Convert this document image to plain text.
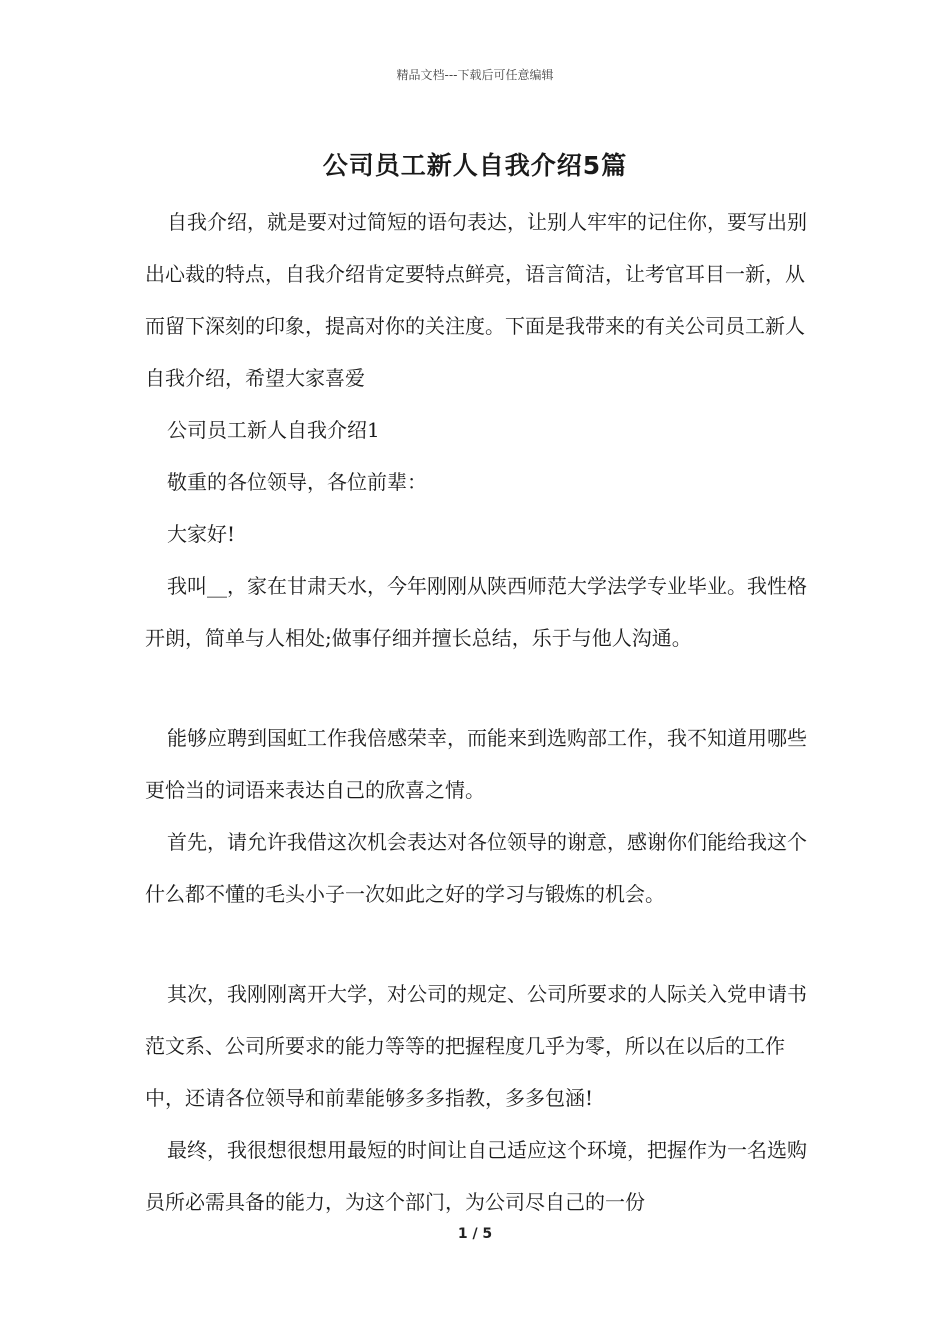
精品文档---下载后可任意编辑
公司员工新人自我介绍5篇

自我介绍，就是要对过简短的语句表达，让别人牢牢的记住你，要写出别出心裁的特点，自我介绍肯定要特点鲜亮，语言简洁，让考官耳目一新，从而留下深刻的印象，提高对你的关注度。下面是我带来的有关公司员工新人自我介绍，希望大家喜爱

公司员工新人自我介绍1

敬重的各位领导，各位前辈：

大家好!

我叫__，家在甘肃天水，今年刚刚从陕西师范大学法学专业毕业。我性格开朗，简单与人相处;做事仔细并擅长总结，乐于与他人沟通。

能够应聘到国虹工作我倍感荣幸，而能来到选购部工作，我不知道用哪些更恰当的词语来表达自己的欣喜之情。

首先，请允许我借这次机会表达对各位领导的谢意，感谢你们能给我这个什么都不懂的毛头小子一次如此之好的学习与锻炼的机会。

其次，我刚刚离开大学，对公司的规定、公司所要求的人际关入党申请书范文系、公司所要求的能力等等的把握程度几乎为零，所以在以后的工作中，还请各位领导和前辈能够多多指教，多多包涵!

最终，我很想很想用最短的时间让自己适应这个环境，把握作为一名选购员所必需具备的能力，为这个部门，为公司尽自己的一份

1 / 5
